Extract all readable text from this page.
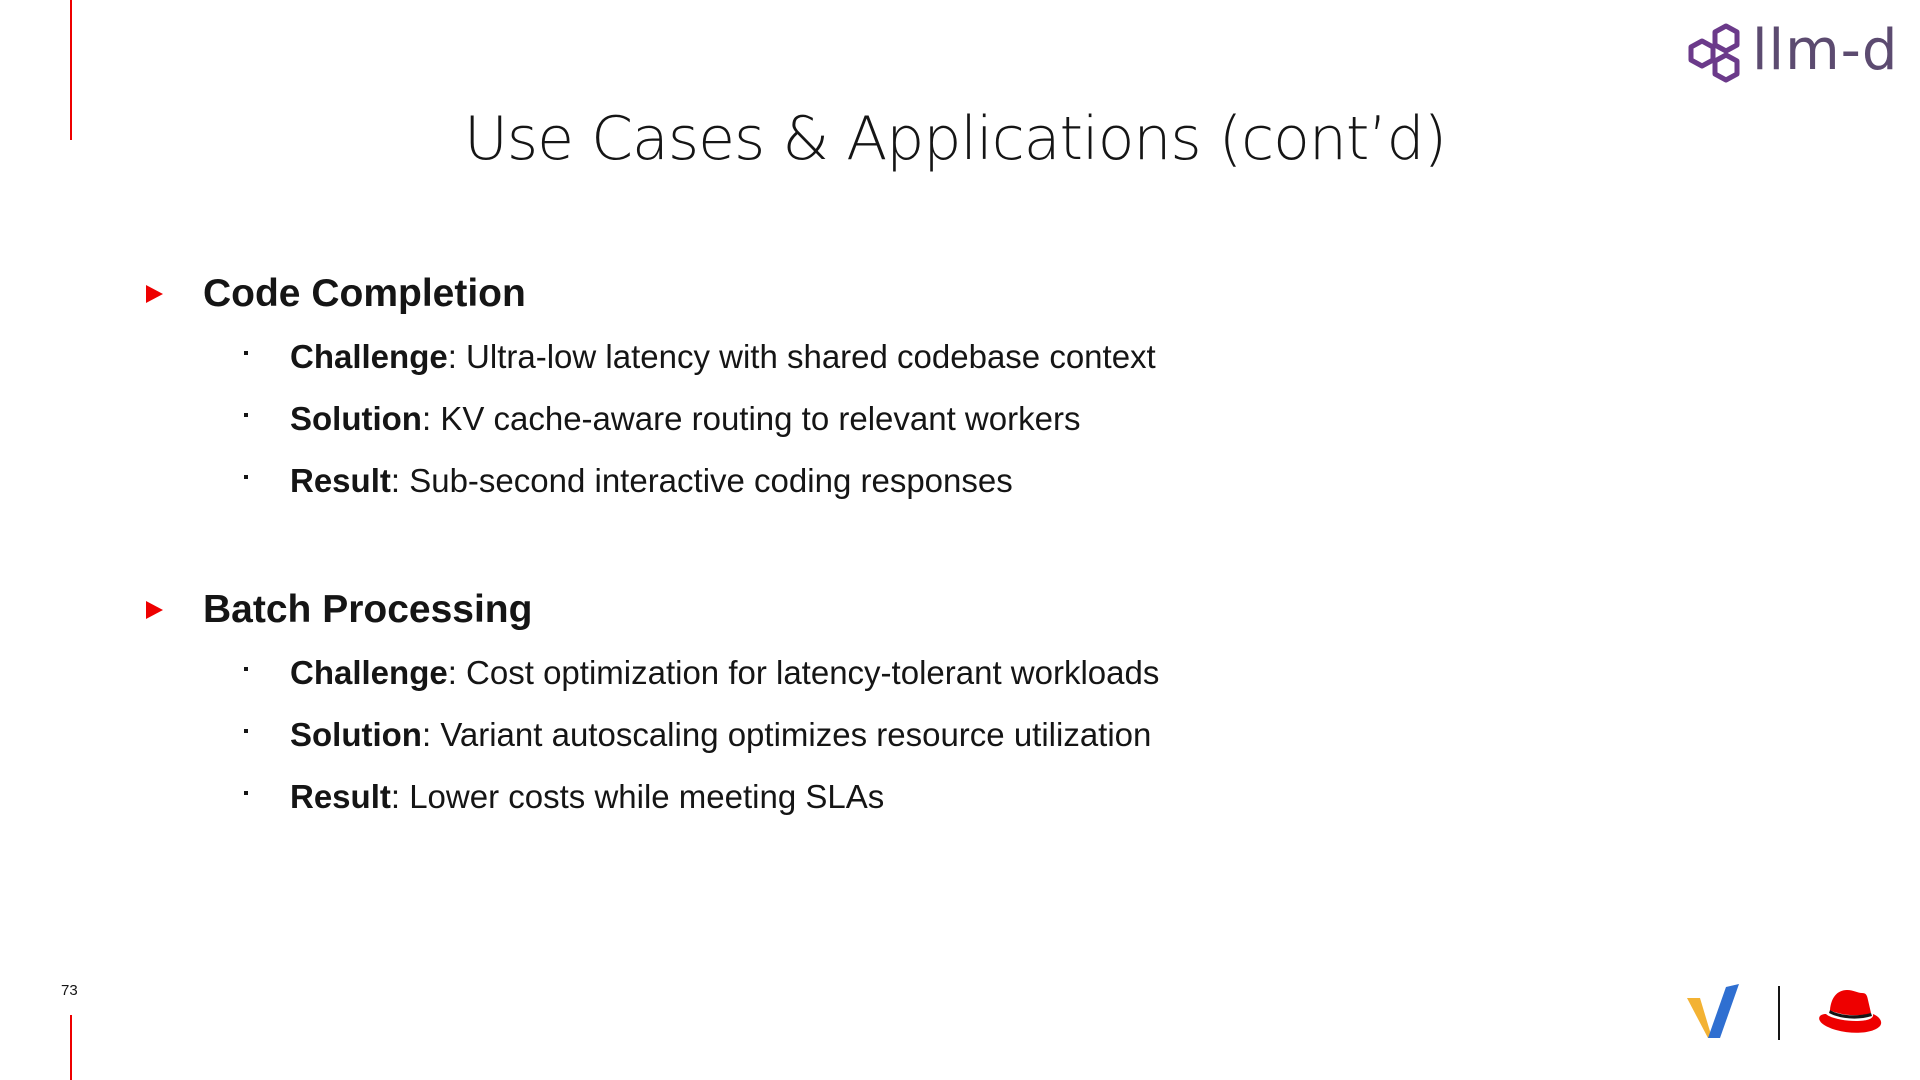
llm-d
Use Cases & Applications (cont’d)
Code Completion
Challenge : Ultra-low latency with shared codebase context
Solution : KV cache-aware routing to relevant workers
Result : Sub-second interactive coding responses
Batch Processing
Challenge : Cost optimization for latency-tolerant workloads
Solution : Variant autoscaling optimizes resource utilization
Result : Lower costs while meeting SLAs
73
